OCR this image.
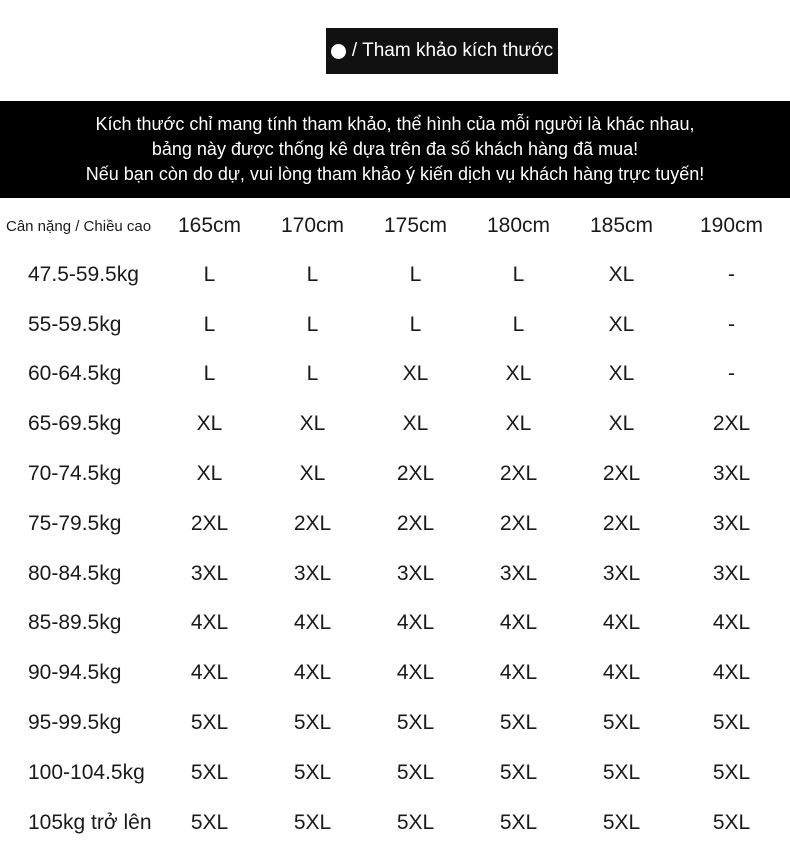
/ Tham khảo kích thước
Kích thước chỉ mang tính tham khảo, thể hình của mỗi người là khác nhau,
bảng này được thống kê dựa trên đa số khách hàng đã mua!
Nếu bạn còn do dự, vui lòng tham khảo ý kiến dịch vụ khách hàng trực tuyến!
Cân nặng / Chiều cao	165cm	170cm	175cm	180cm	185cm	190cm
47.5-59.5kg	L	L	L	L	XL	-
55-59.5kg	L	L	L	L	XL	-
60-64.5kg	L	L	XL	XL	XL	-
65-69.5kg	XL	XL	XL	XL	XL	2XL
70-74.5kg	XL	XL	2XL	2XL	2XL	3XL
75-79.5kg	2XL	2XL	2XL	2XL	2XL	3XL
80-84.5kg	3XL	3XL	3XL	3XL	3XL	3XL
85-89.5kg	4XL	4XL	4XL	4XL	4XL	4XL
90-94.5kg	4XL	4XL	4XL	4XL	4XL	4XL
95-99.5kg	5XL	5XL	5XL	5XL	5XL	5XL
100-104.5kg	5XL	5XL	5XL	5XL	5XL	5XL
105kg trở lên	5XL	5XL	5XL	5XL	5XL	5XL
